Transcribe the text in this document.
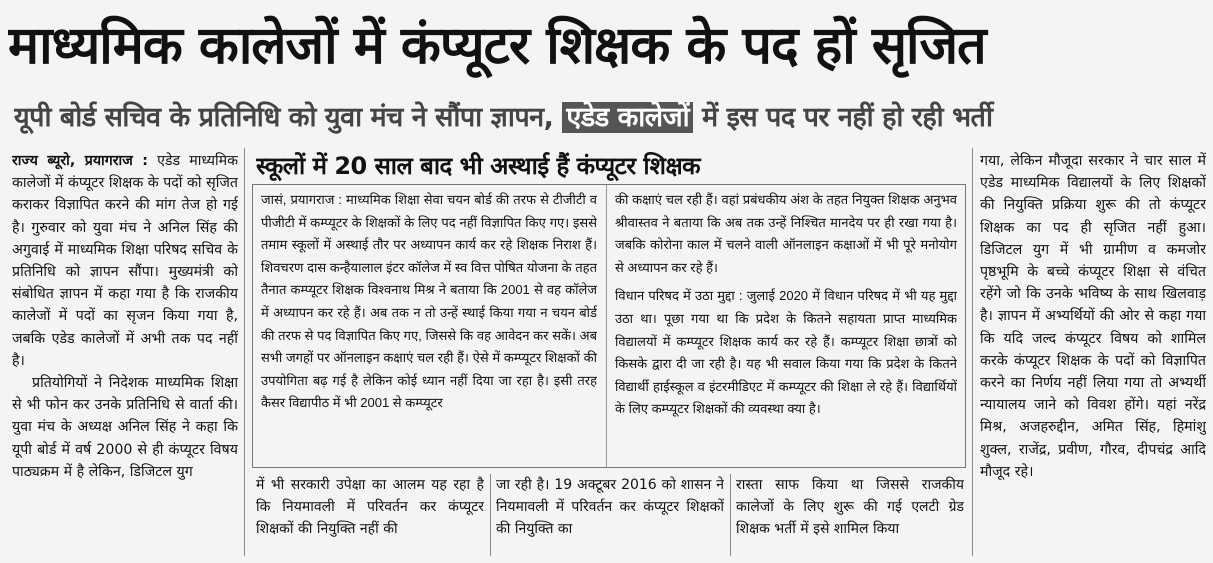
माध्यमिक कालेजों में कंप्यूटर शिक्षक के पद हों सृजित
यूपी बोर्ड सचिव के प्रतिनिधि को युवा मंच ने सौंपा ज्ञापन, एडेड कालेजों में इस पद पर नहीं हो रही भर्ती

राज्य ब्यूरो, प्रयागराज : एडेड माध्यमिक कालेजों में कंप्यूटर शिक्षक के पदों को सृजित कराकर विज्ञापित करने की मांग तेज हो गई है। गुरुवार को युवा मंच ने अनिल सिंह की अगुवाई में माध्यमिक शिक्षा परिषद सचिव के प्रतिनिधि को ज्ञापन सौंपा। मुख्यमंत्री को संबोधित ज्ञापन में कहा गया है कि राजकीय कालेजों में पदों का सृजन किया गया है, जबकि एडेड कालेजों में अभी तक पद नहीं है।

प्रतियोगियों ने निदेशक माध्यमिक शिक्षा से भी फोन कर उनके प्रतिनिधि से वार्ता की। युवा मंच के अध्यक्ष अनिल सिंह ने कहा कि यूपी बोर्ड में वर्ष 2000 से ही कंप्यूटर विषय पाठ्यक्रम में है लेकिन, डिजिटल युग

स्कूलों में 20 साल बाद भी अस्थाई हैं कंप्यूटर शिक्षक

जासं, प्रयागराज : माध्यमिक शिक्षा सेवा चयन बोर्ड की तरफ से टीजीटी व पीजीटी में कम्प्यूटर के शिक्षकों के लिए पद नहीं विज्ञापित किए गए। इससे तमाम स्कूलों में अस्थाई तौर पर अध्यापन कार्य कर रहे शिक्षक निराश हैं। शिवचरण दास कन्हैयालाल इंटर कॉलेज में स्व वित्त पोषित योजना के तहत तैनात कम्प्यूटर शिक्षक विश्वनाथ मिश्र ने बताया कि 2001 से वह कॉलेज में अध्यापन कर रहे हैं। अब तक न तो उन्हें स्थाई किया गया न चयन बोर्ड की तरफ से पद विज्ञापित किए गए, जिससे कि वह आवेदन कर सकें। अब सभी जगहों पर ऑनलाइन कक्षाएं चल रही हैं। ऐसे में कम्प्यूटर शिक्षकों की उपयोगिता बढ़ गई है लेकिन कोई ध्यान नहीं दिया जा रहा है। इसी तरह कैसर विद्यापीठ में भी 2001 से कम्प्यूटर

की कक्षाएं चल रही हैं। वहां प्रबंधकीय अंश के तहत नियुक्त शिक्षक अनुभव श्रीवास्तव ने बताया कि अब तक उन्हें निश्चित मानदेय पर ही रखा गया है। जबकि कोरोना काल में चलने वाली ऑनलाइन कक्षाओं में भी पूरे मनोयोग से अध्यापन कर रहे हैं।

विधान परिषद में उठा मुद्दा : जुलाई 2020 में विधान परिषद में भी यह मुद्दा उठा था। पूछा गया था कि प्रदेश के कितने सहायता प्राप्त माध्यमिक विद्यालयों में कम्प्यूटर शिक्षक कार्य कर रहे हैं। कम्प्यूटर शिक्षा छात्रों को किसके द्वारा दी जा रही है। यह भी सवाल किया गया कि प्रदेश के कितने विद्यार्थी हाईस्कूल व इंटरमीडिएट में कम्प्यूटर की शिक्षा ले रहे हैं। विद्यार्थियों के लिए कम्प्यूटर शिक्षकों की व्यवस्था क्या है।

में भी सरकारी उपेक्षा का आलम यह रहा है कि नियमावली में परिवर्तन कर कंप्यूटर शिक्षकों की नियुक्ति नहीं की

जा रही है। 19 अक्टूबर 2016 को शासन ने नियमावली में परिवर्तन कर कंप्यूटर शिक्षकों की नियुक्ति का

रास्ता साफ किया था जिससे राजकीय कालेजों के लिए शुरू की गई एलटी ग्रेड शिक्षक भर्ती में इसे शामिल किया

गया, लेकिन मौजूदा सरकार ने चार साल में एडेड माध्यमिक विद्यालयों के लिए शिक्षकों की नियुक्ति प्रक्रिया शुरू की तो कंप्यूटर शिक्षक का पद ही सृजित नहीं हुआ। डिजिटल युग में भी ग्रामीण व कमजोर पृष्ठभूमि के बच्चे कंप्यूटर शिक्षा से वंचित रहेंगे जो कि उनके भविष्य के साथ खिलवाड़ है। ज्ञापन में अभ्यर्थियों की ओर से कहा गया कि यदि जल्द कंप्यूटर विषय को शामिल करके कंप्यूटर शिक्षक के पदों को विज्ञापित करने का निर्णय नहीं लिया गया तो अभ्यर्थी न्यायालय जाने को विवश होंगे। यहां नरेंद्र मिश्र, अजहरुद्दीन, अमित सिंह, हिमांशु शुक्ल, राजेंद्र, प्रवीण, गौरव, दीपचंद्र आदि मौजूद रहे।
